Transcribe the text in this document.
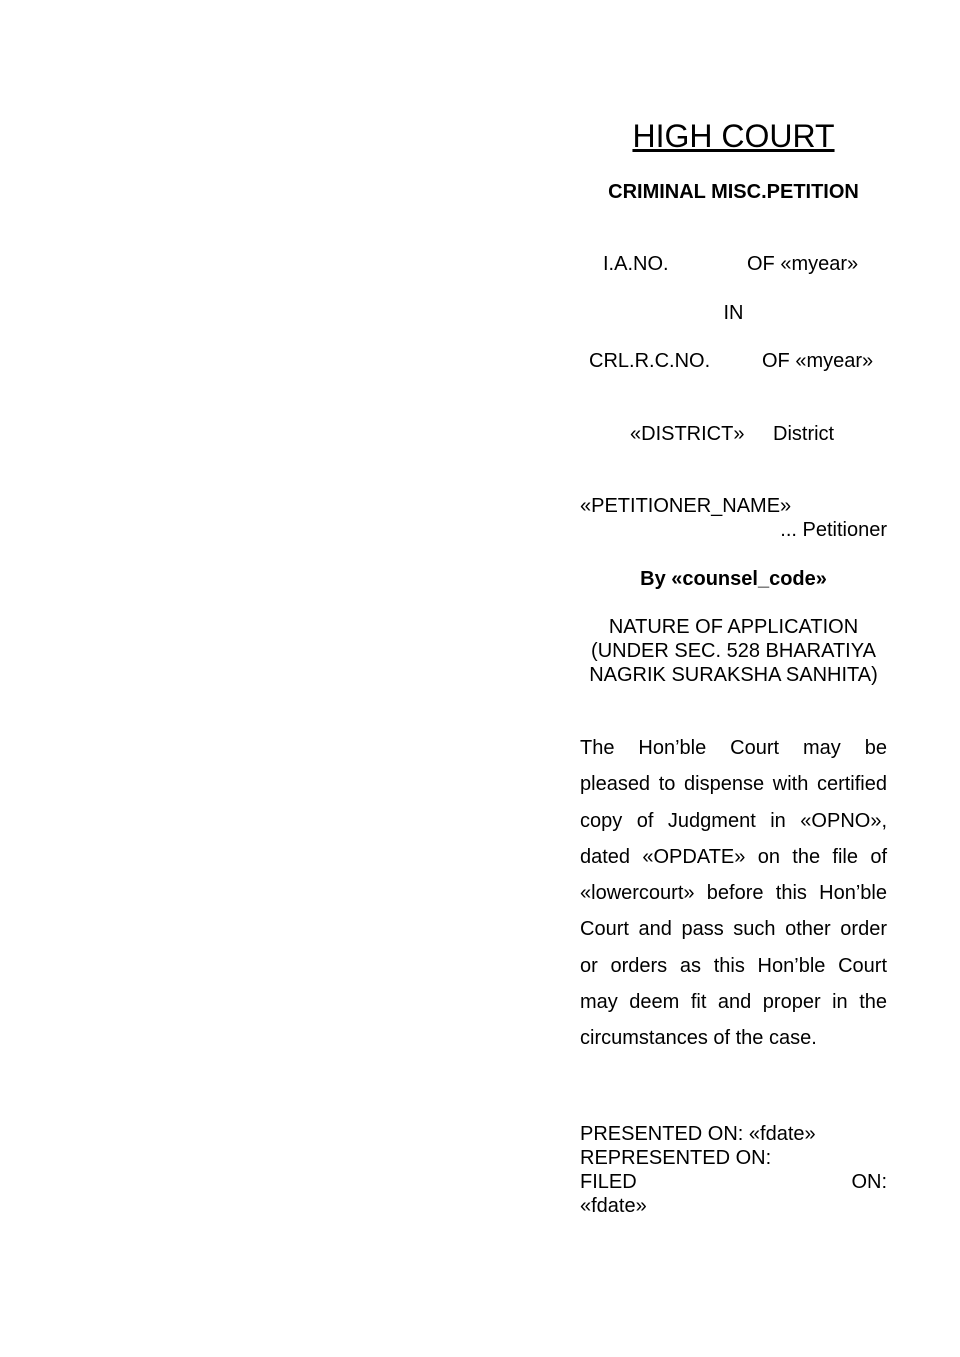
HIGH COURT
CRIMINAL MISC.PETITION
I.A.NO.	OF «myear»
IN
CRL.R.C.NO.	OF «myear»
«DISTRICT» District
«PETITIONER_NAME»
... Petitioner
By «counsel_code»
NATURE OF APPLICATION
(UNDER SEC. 528 BHARATIYA
NAGRIK SURAKSHA SANHITA)
The Hon’ble Court may be pleased to dispense with certified copy of Judgment in «OPNO», dated «OPDATE» on the file of «lowercourt» before this Hon’ble Court and pass such other order or orders as this Hon’ble Court may deem fit and proper in the circumstances of the case.
PRESENTED ON: «fdate»
REPRESENTED ON:
FILED	ON:
«fdate»
